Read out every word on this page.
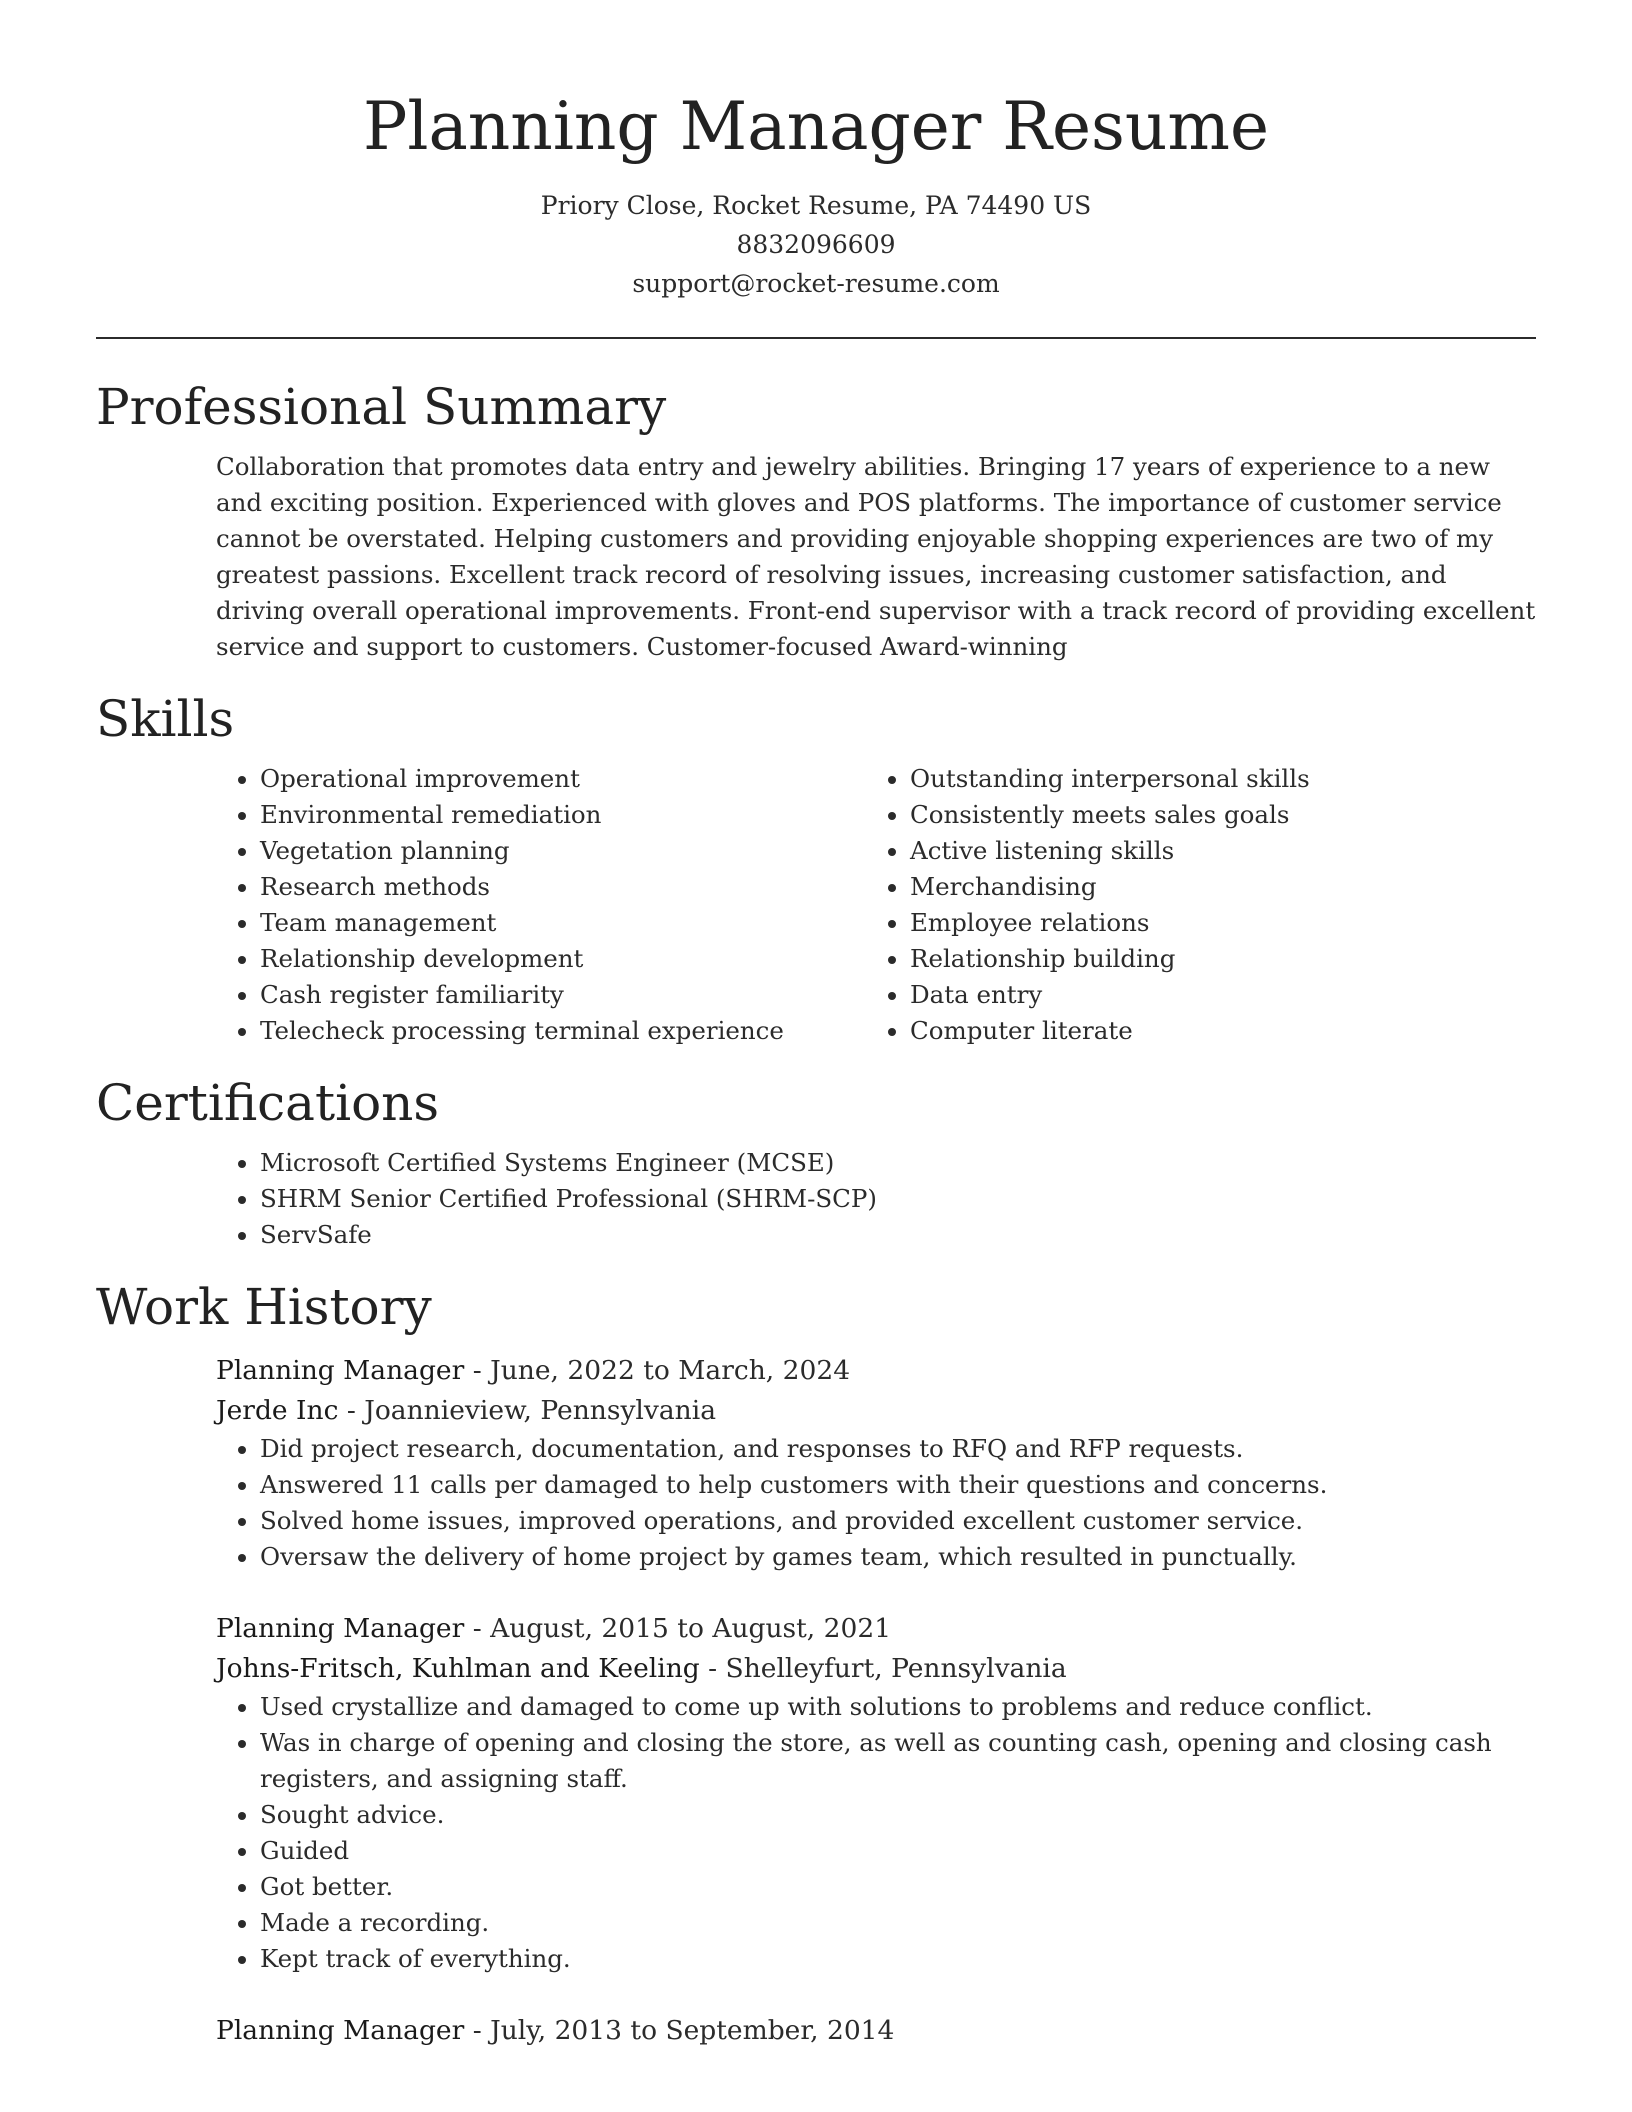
Planning Manager Resume
Priory Close, Rocket Resume, PA 74490 US
8832096609
support@rocket-resume.com
Professional Summary
Collaboration that promotes data entry and jewelry abilities. Bringing 17 years of experience to a new and exciting position. Experienced with gloves and POS platforms. The importance of customer service cannot be overstated. Helping customers and providing enjoyable shopping experiences are two of my greatest passions. Excellent track record of resolving issues, increasing customer satisfaction, and driving overall operational improvements. Front-end supervisor with a track record of providing excellent service and support to customers. Customer-focused Award-winning
Skills
• Operational improvement
• Environmental remediation
• Vegetation planning
• Research methods
• Team management
• Relationship development
• Cash register familiarity
• Telecheck processing terminal experience
• Outstanding interpersonal skills
• Consistently meets sales goals
• Active listening skills
• Merchandising
• Employee relations
• Relationship building
• Data entry
• Computer literate
Certifications
• Microsoft Certified Systems Engineer (MCSE)
• SHRM Senior Certified Professional (SHRM-SCP)
• ServSafe
Work History
Planning Manager - June, 2022 to March, 2024
Jerde Inc - Joannieview, Pennsylvania
• Did project research, documentation, and responses to RFQ and RFP requests.
• Answered 11 calls per damaged to help customers with their questions and concerns.
• Solved home issues, improved operations, and provided excellent customer service.
• Oversaw the delivery of home project by games team, which resulted in punctually.
Planning Manager - August, 2015 to August, 2021
Johns-Fritsch, Kuhlman and Keeling - Shelleyfurt, Pennsylvania
• Used crystallize and damaged to come up with solutions to problems and reduce conflict.
• Was in charge of opening and closing the store, as well as counting cash, opening and closing cash registers, and assigning staff.
• Sought advice.
• Guided
• Got better.
• Made a recording.
• Kept track of everything.
Planning Manager - July, 2013 to September, 2014
